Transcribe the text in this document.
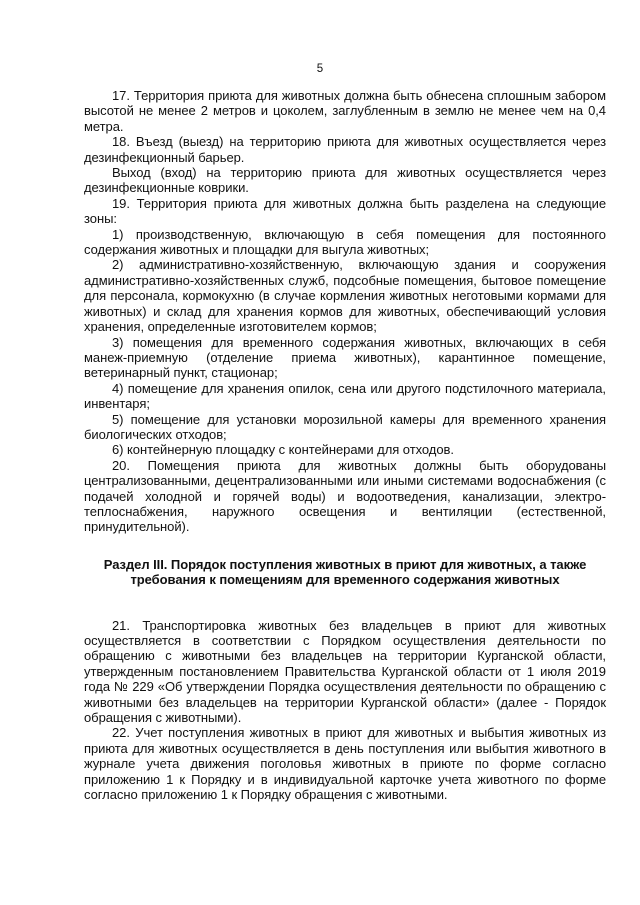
5

17. Территория приюта для животных должна быть обнесена сплошным забором высотой не менее 2 метров и цоколем, заглубленным в землю не менее чем на 0,4 метра.

18. Въезд (выезд) на территорию приюта для животных осуществляется через дезинфекционный барьер.

Выход (вход) на территорию приюта для животных осуществляется через дезинфекционные коврики.

19. Территория приюта для животных должна быть разделена на следующие зоны:

1) производственную, включающую в себя помещения для постоянного содержания животных и площадки для выгула животных;

2) административно-хозяйственную, включающую здания и сооружения административно-хозяйственных служб, подсобные помещения, бытовое помещение для персонала, кормокухню (в случае кормления животных неготовыми кормами для животных) и склад для хранения кормов для животных, обеспечивающий условия хранения, определенные изготовителем кормов;

3) помещения для временного содержания животных, включающих в себя манеж-приемную (отделение приема животных), карантинное помещение, ветеринарный пункт, стационар;

4) помещение для хранения опилок, сена или другого подстилочного материала, инвентаря;

5) помещение для установки морозильной камеры для временного хранения биологических отходов;

6) контейнерную площадку с контейнерами для отходов.

20. Помещения приюта для животных должны быть оборудованы централизованными, децентрализованными или иными системами водоснабжения (с подачей холодной и горячей воды) и водоотведения, канализации, электро-теплоснабжения, наружного освещения и вентиляции (естественной, принудительной).

Раздел III. Порядок поступления животных в приют для животных, а также требования к помещениям для временного содержания животных

21. Транспортировка животных без владельцев в приют для животных осуществляется в соответствии с Порядком осуществления деятельности по обращению с животными без владельцев на территории Курганской области, утвержденным постановлением Правительства Курганской области от 1 июля 2019 года № 229 «Об утверждении Порядка осуществления деятельности по обращению с животными без владельцев на территории Курганской области» (далее - Порядок обращения с животными).

22. Учет поступления животных в приют для животных и выбытия животных из приюта для животных осуществляется в день поступления или выбытия животного в журнале учета движения поголовья животных в приюте по форме согласно приложению 1 к Порядку и в индивидуальной карточке учета животного по форме согласно приложению 1 к Порядку обращения с животными.
